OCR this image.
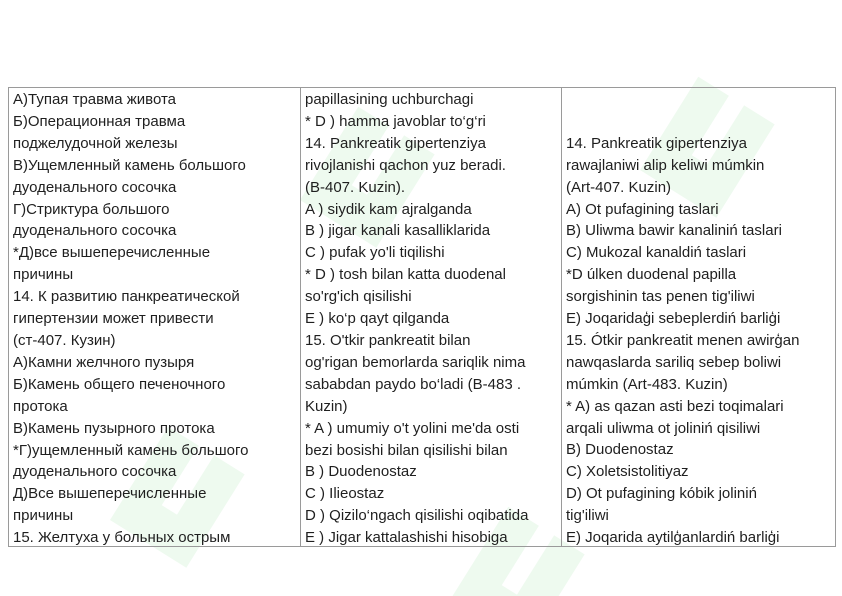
А)Тупая травма живота
Б)Операционная травма
поджелудочной железы
В)Ущемленный камень большого
дуоденального сосочка
Г)Стриктура большого
дуоденального сосочка
*Д)все вышеперечисленные
причины
14. К развитию панкреатической
гипертензии может привести
(ст-407. Кузин)
А)Камни желчного пузыря
Б)Камень общего печеночного
протока
В)Камень пузырного протока
*Г)ущемленный камень большого
дуоденального сосочка
Д)Все вышеперечисленные
причины
15. Желтуха у больных острым
papillasining uchburchagi
* D ) hamma javoblar to‘g‘ri
14. Pankreatik gipertenziya
rivojlanishi qachon yuz beradi.
(B-407. Kuzin).
A ) siydik kam ajralganda
B ) jigar kanali kasalliklarida
C ) pufak yo'li tiqilishi
* D ) tosh bilan katta duodenal
so'rg'ich qisilishi
E ) ko‘p qayt qilganda
15. O'tkir pankreatit bilan
og'rigan bemorlarda sariqlik nima
sababdan paydo bo‘ladi (B-483 .
Kuzin)
* A ) umumiy o't yolini me'da osti
bezi bosishi bilan qisilishi bilan
B ) Duodenostaz
C ) Ilieostaz
D ) Qizilo‘ngach qisilishi oqibatida
E ) Jigar kattalashishi hisobiga
14. Pankreatik gipertenziya
rawajlaniwi alip keliwi múmkin
(Art-407. Kuzin)
A) Ot pufagining taslari
B) Uliwma bawir kanaliniń taslari
C) Mukozal kanaldiń taslari
*D úlken duodenal papilla
sorgishinin tas penen tig'iliwi
E) Joqaridaģi sebeplerdiń barliģi
15. Ótkir pankreatit menen awirģan
nawqaslarda sariliq sebep boliwi
múmkin (Art-483. Kuzin)
* A) as qazan asti bezi toqimalari
arqali uliwma ot joliniń qisiliwi
B) Duodenostaz
C) Xoletsistolitiyaz
D) Ot pufagining kóbik joliniń
tig'iliwi
E) Joqarida aytilģanlardiń barliģi
